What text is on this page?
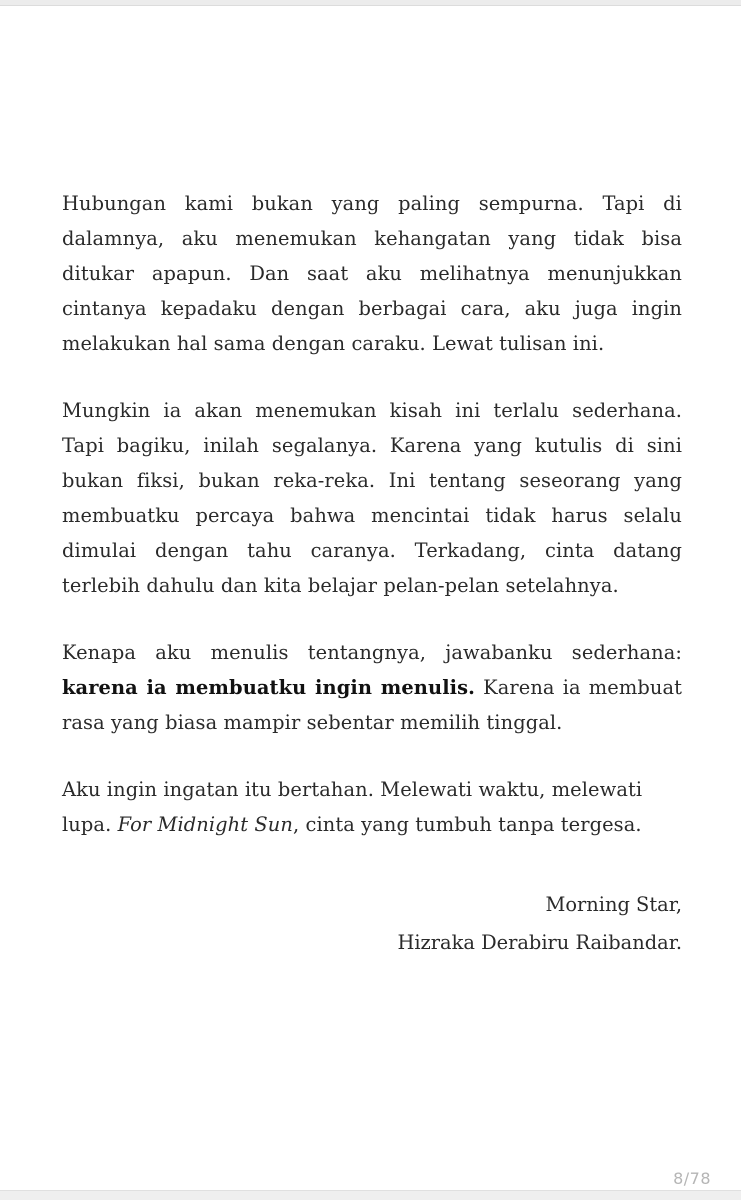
Hubungan kami bukan yang paling sempurna. Tapi di dalamnya, aku menemukan kehangatan yang tidak bisa ditukar apapun. Dan saat aku melihatnya menunjukkan cintanya kepadaku dengan berbagai cara, aku juga ingin melakukan hal sama dengan caraku. Lewat tulisan ini.

Mungkin ia akan menemukan kisah ini terlalu sederhana. Tapi bagiku, inilah segalanya. Karena yang kutulis di sini bukan fiksi, bukan reka-reka. Ini tentang seseorang yang membuatku percaya bahwa mencintai tidak harus selalu dimulai dengan tahu caranya. Terkadang, cinta datang terlebih dahulu dan kita belajar pelan-pelan setelahnya.

Kenapa aku menulis tentangnya, jawabanku sederhana: karena ia membuatku ingin menulis. Karena ia membuat rasa yang biasa mampir sebentar memilih tinggal.

Aku ingin ingatan itu bertahan. Melewati waktu, melewati lupa. For Midnight Sun, cinta yang tumbuh tanpa tergesa.

Morning Star,

Hizraka Derabiru Raibandar.

8/78
